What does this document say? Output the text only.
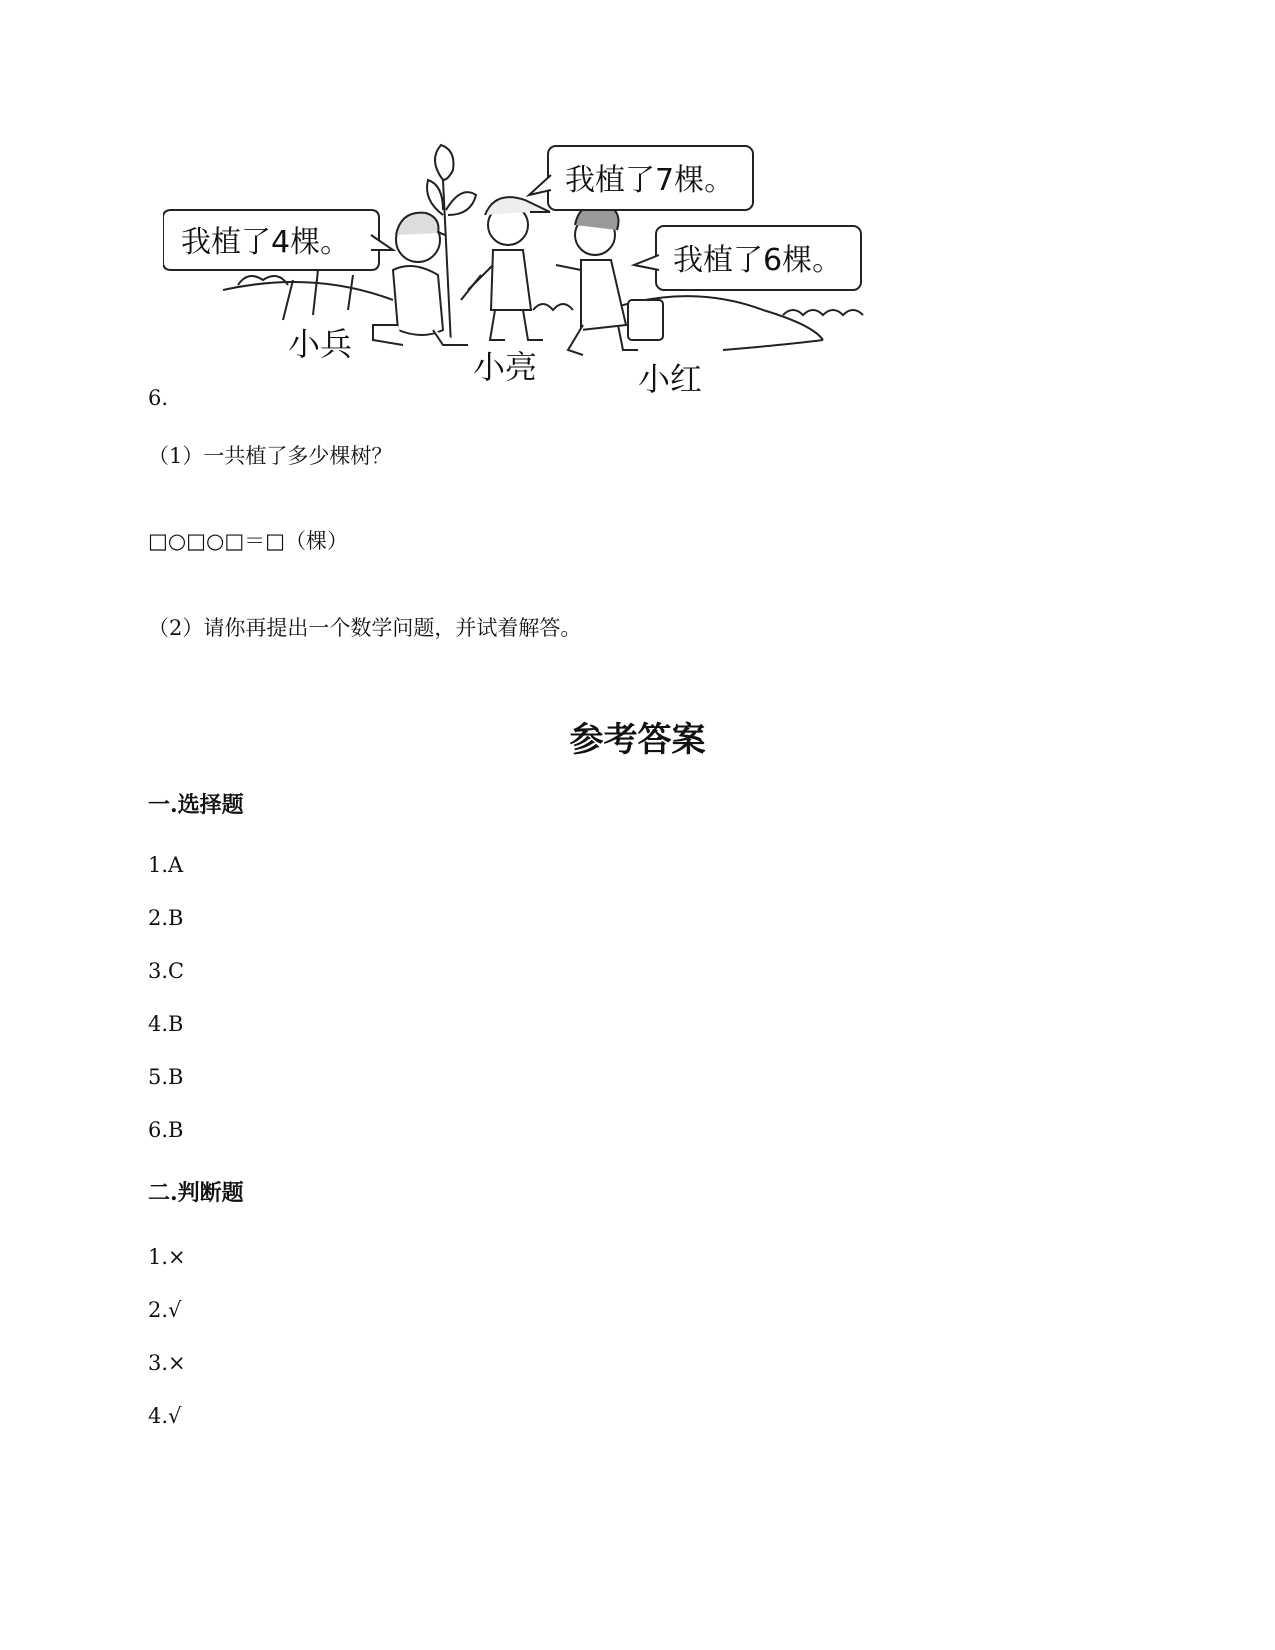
我植了4棵。
我植了7棵。
我植了6棵。
小兵
小亮	小红
6.
（1）一共植了多少棵树？
□○□○□＝□（棵）
（2）请你再提出一个数学问题，并试着解答。
参考答案
一.选择题
1.A
2.B
3.C
4.B
5.B
6.B
二.判断题
1.×
2.√
3.×
4.√
